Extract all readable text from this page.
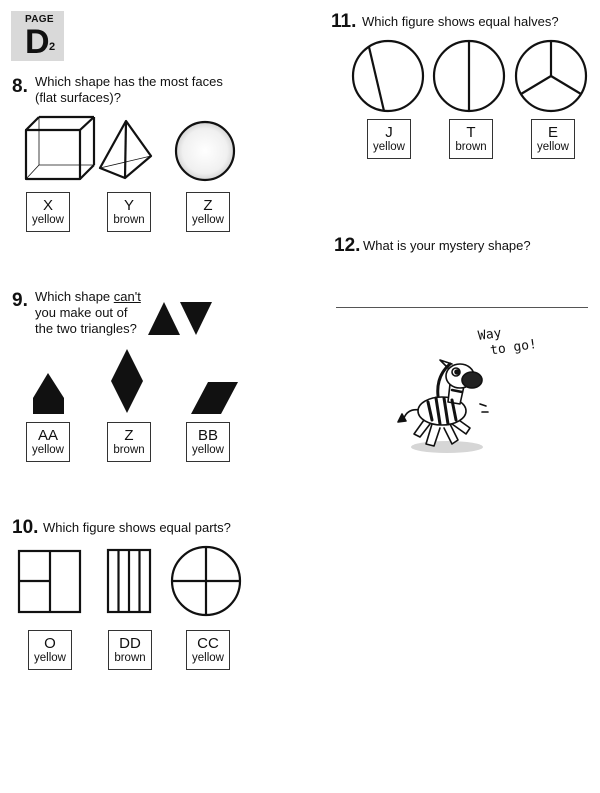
PAGE
D 2
8. Which shape has the most faces
(flat surfaces)?
X
yellow
Y
brown
Z
yellow
9. Which shape can't
you make out of
the two triangles?
AA
yellow
Z
brown
BB
yellow
10. Which figure shows equal parts?
O
yellow
DD
brown
CC
yellow
11. Which figure shows equal halves?
J
yellow
T
brown
E
yellow
12. What is your mystery shape?
Way
to go!
